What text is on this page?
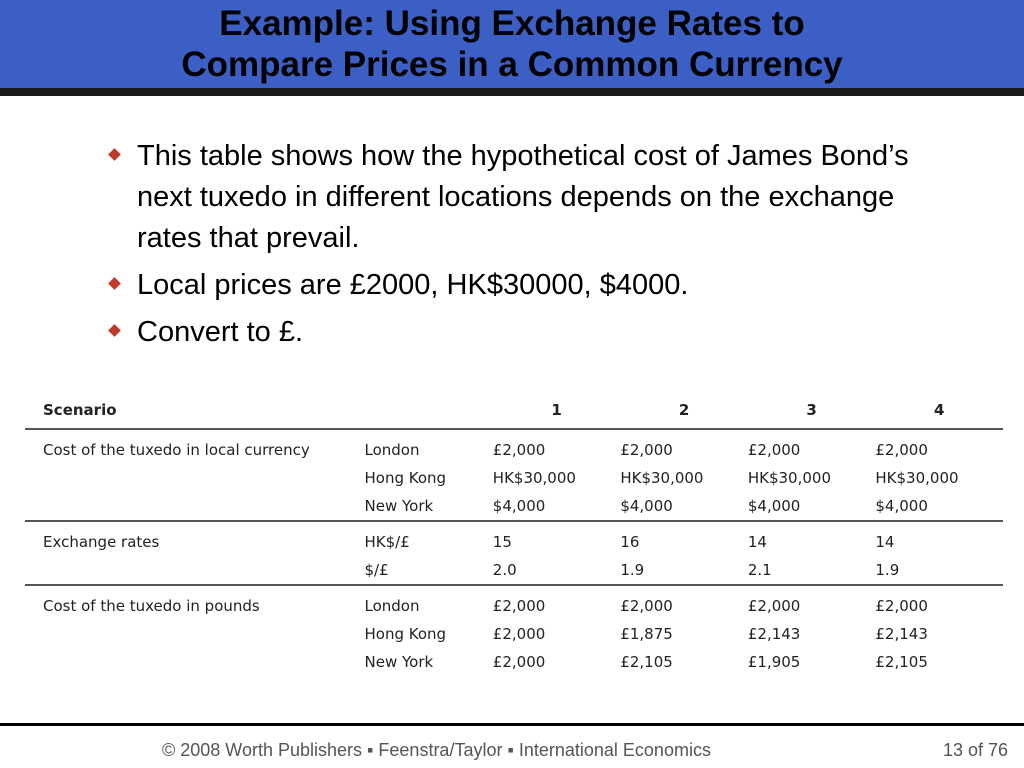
Example: Using Exchange Rates to
Compare Prices in a Common Currency
This table shows how the hypothetical cost of James Bond’s next tuxedo in different locations depends on the exchange rates that prevail.
Local prices are £2000, HK$30000, $4000.
Convert to £.
Scenario		1	2	3	4
Cost of the tuxedo in local currency	London	£2,000	£2,000	£2,000	£2,000
	Hong Kong	HK$30,000	HK$30,000	HK$30,000	HK$30,000
	New York	$4,000	$4,000	$4,000	$4,000
Exchange rates	HK$/£	15	16	14	14
	$/£	2.0	1.9	2.1	1.9
Cost of the tuxedo in pounds	London	£2,000	£2,000	£2,000	£2,000
	Hong Kong	£2,000	£1,875	£2,143	£2,143
	New York	£2,000	£2,105	£1,905	£2,105
© 2008 Worth Publishers ▪ Feenstra/Taylor ▪ International Economics	13 of 76
